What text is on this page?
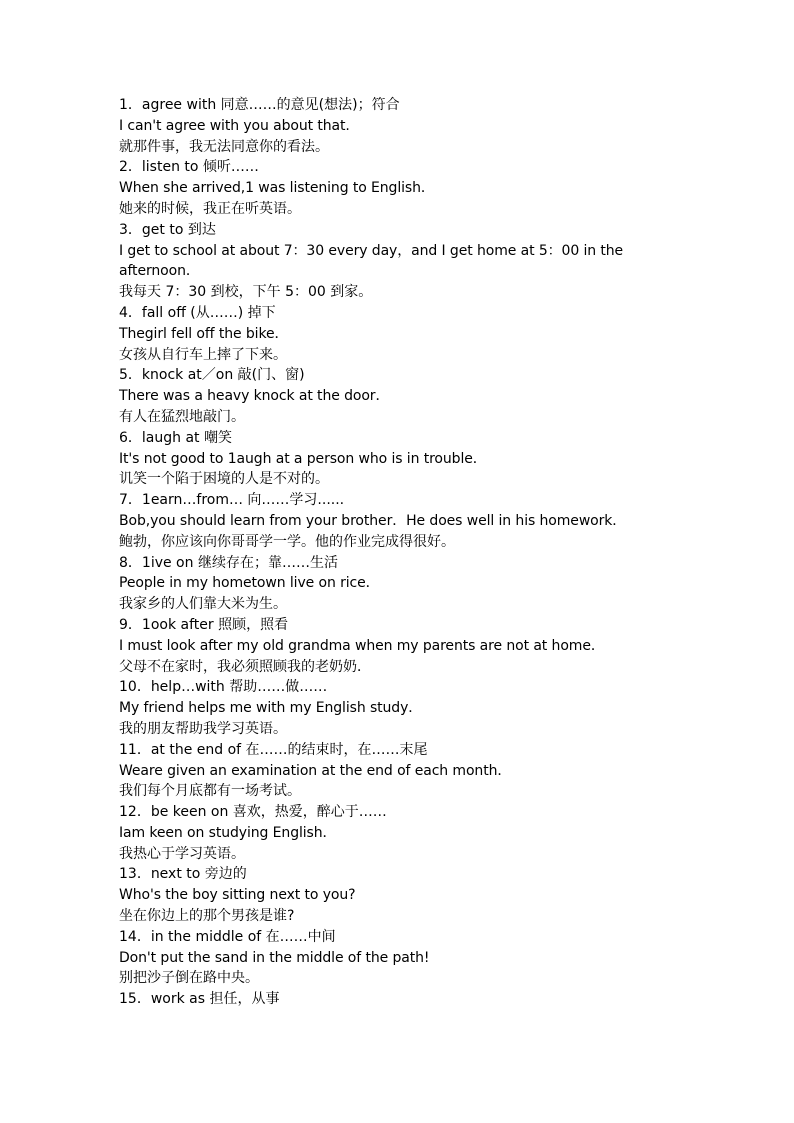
1．agree with 同意……的意见(想法)；符合
I can't agree with you about that.
就那件事，我无法同意你的看法。
2．listen to 倾听……
When she arrived,1 was listening to English．
她来的时候，我正在听英语。
3．get to 到达
I get to school at about 7：30 every day，and I get home at 5：00 in the afternoon．
我每天 7：30 到校，下午 5：00 到家。
4．fall off (从……) 掉下
Thegirl fell off the bike．
女孩从自行车上摔了下来。
5．knock at／on 敲(门、窗)
There was a heavy knock at the door．
有人在猛烈地敲门。
6．laugh at 嘲笑
It's not good to 1augh at a person who is in trouble．
讥笑一个陷于困境的人是不对的。
7．1earn…from… 向……学习......
Bob,you should learn from your brother．He does well in his homework．
鲍勃，你应该向你哥哥学一学。他的作业完成得很好。
8．1ive on 继续存在；靠……生活
People in my hometown live on rice．
我家乡的人们靠大米为生。
9．1ook after 照顾，照看
I must look after my old grandma when my parents are not at home．
父母不在家时，我必须照顾我的老奶奶．
10．help…with 帮助……做……
My friend helps me with my English study．
我的朋友帮助我学习英语。
11．at the end of 在……的结束时，在……末尾
Weare given an examination at the end of each month．
我们每个月底都有一场考试。
12．be keen on 喜欢，热爱，醉心于……
Iam keen on studying English．
我热心于学习英语。
13．next to 旁边的
Who's the boy sitting next to you?
坐在你边上的那个男孩是谁?
14．in the middle of 在……中间
Don't put the sand in the middle of the path!
别把沙子倒在路中央。
15．work as 担任，从事
